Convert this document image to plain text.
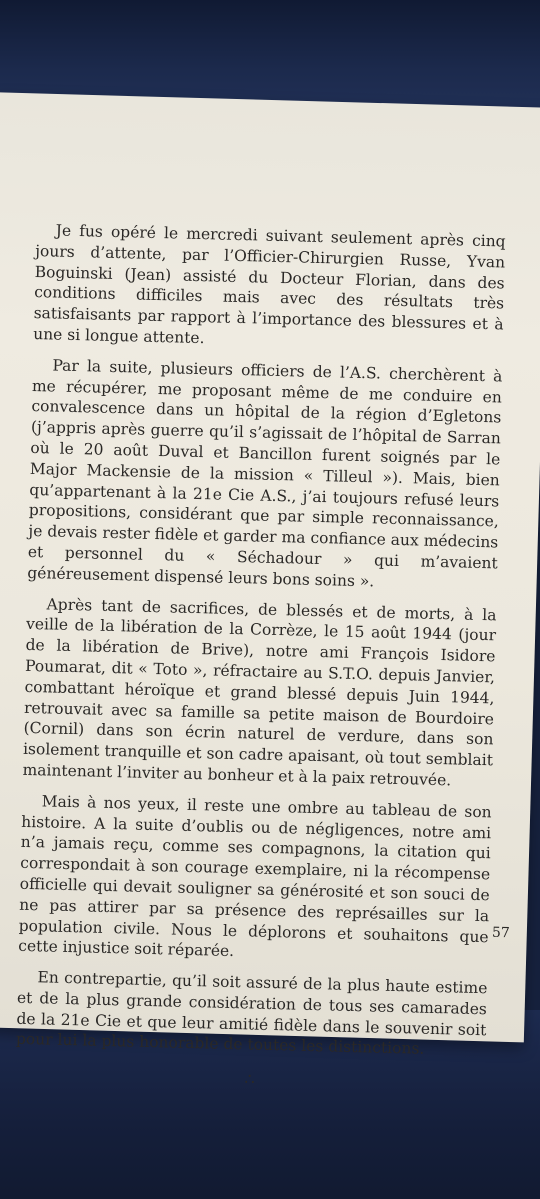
Je fus opéré le mercredi suivant seulement après cinq jours d’attente, par l’Officier-Chirurgien Russe, Yvan Boguinski (Jean) assisté du Docteur Florian, dans des conditions difficiles mais avec des résultats très satisfaisants par rapport à l’importance des blessures et à une si longue attente.

Par la suite, plusieurs officiers de l’A.S. cherchèrent à me récupérer, me proposant même de me conduire en convalescence dans un hôpital de la région d’Egletons (j’appris après guerre qu’il s’agissait de l’hôpital de Sarran où le 20 août Duval et Bancillon furent soignés par le Major Mackensie de la mission « Tilleul »). Mais, bien qu’appartenant à la 21e Cie A.S., j’ai toujours refusé leurs propositions, considérant que par simple reconnaissance, je devais rester fidèle et garder ma confiance aux médecins et personnel du « Séchadour » qui m’avaient généreusement dispensé leurs bons soins ».

Après tant de sacrifices, de blessés et de morts, à la veille de la libération de la Corrèze, le 15 août 1944 (jour de la libération de Brive), notre ami François Isidore Poumarat, dit « Toto », réfractaire au S.T.O. depuis Janvier, combattant héroïque et grand blessé depuis Juin 1944, retrouvait avec sa famille sa petite maison de Bourdoire (Cornil) dans son écrin naturel de verdure, dans son isolement tranquille et son cadre apaisant, où tout semblait maintenant l’inviter au bonheur et à la paix retrouvée.

Mais à nos yeux, il reste une ombre au tableau de son histoire. A la suite d’oublis ou de négligences, notre ami n’a jamais reçu, comme ses compagnons, la citation qui correspondait à son courage exemplaire, ni la récompense officielle qui devait souligner sa générosité et son souci de ne pas attirer par sa présence des représailles sur la population civile. Nous le déplorons et souhaitons que cette injustice soit réparée.

En contrepartie, qu’il soit assuré de la plus haute estime et de la plus grande considération de tous ses camarades de la 21e Cie et que leur amitié fidèle dans le souvenir soit pour lui la plus honorable de toutes les distinctions.

∴
57
